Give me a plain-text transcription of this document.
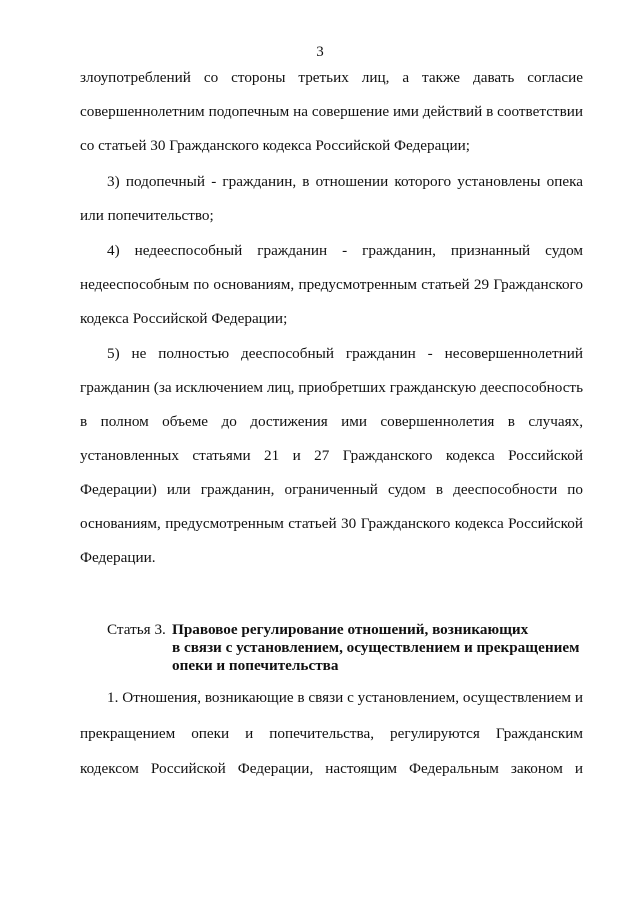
3
злоупотреблений со стороны третьих лиц, а также давать согласие
совершеннолетним подопечным на совершение ими действий в соответствии
со статьей 30 Гражданского кодекса Российской Федерации;
3) подопечный - гражданин, в отношении которого установлены опека
или попечительство;
4) недееспособный гражданин - гражданин, признанный судом
недееспособным по основаниям, предусмотренным статьей 29 Гражданского
кодекса Российской Федерации;
5) не полностью дееспособный гражданин - несовершеннолетний
гражданин (за исключением лиц, приобретших гражданскую дееспособность
в полном объеме до достижения ими совершеннолетия в случаях,
установленных статьями 21 и 27 Гражданского кодекса Российской
Федерации) или гражданин, ограниченный судом в дееспособности по
основаниям, предусмотренным статьей 30 Гражданского кодекса Российской
Федерации.
Статья 3. Правовое регулирование отношений, возникающих
в связи с установлением, осуществлением и прекращением
опеки и попечительства
1. Отношения, возникающие в связи с установлением, осуществлением и
прекращением опеки и попечительства, регулируются Гражданским
кодексом Российской Федерации, настоящим Федеральным законом и
